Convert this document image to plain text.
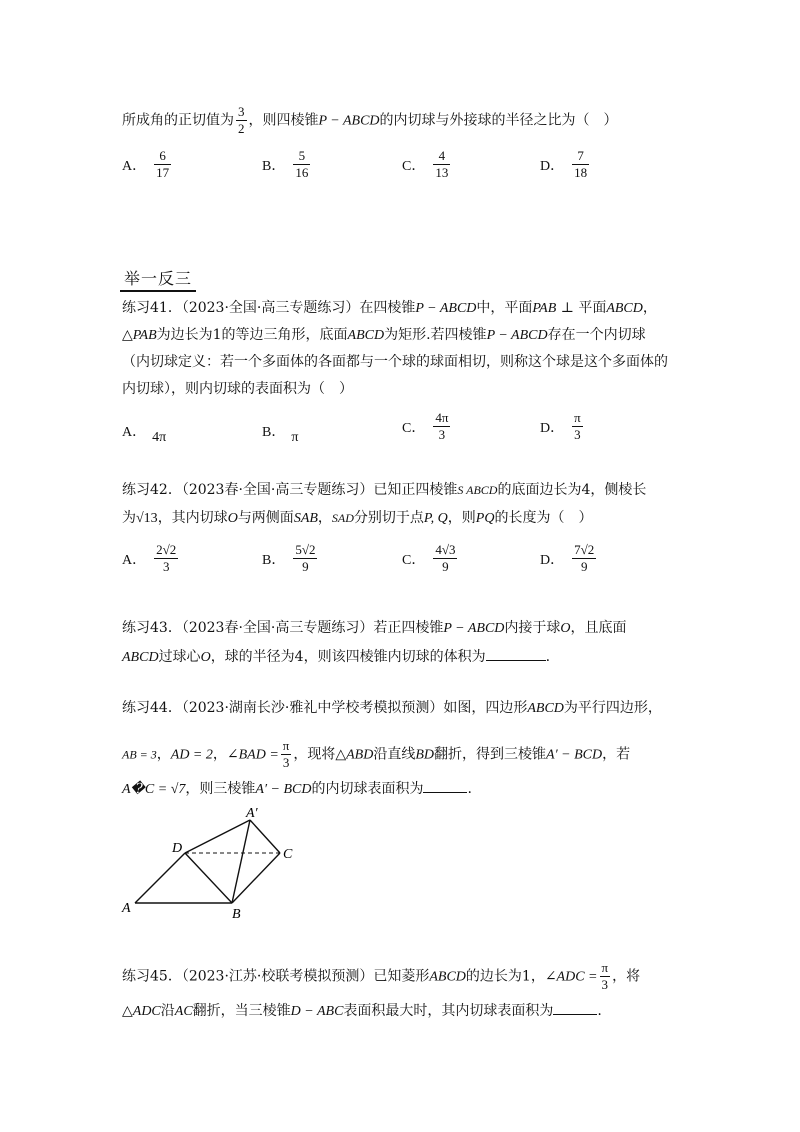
所成角的正切值为 $\frac{3}{2}$ ，则四棱锥P − ABCD的内切球与外接球的半径之比为（　）
A． $\frac{6}{17}$	B． $\frac{5}{16}$	C． $\frac{4}{13}$	D． $\frac{7}{18}$
举一反三
练习41．（2023·全国·高三专题练习）在四棱锥P − ABCD中，平面PAB ⊥ 平面ABCD，
△PAB为边长为1的等边三角形，底面ABCD为矩形.若四棱锥P − ABCD存在一个内切球
（内切球定义：若一个多面体的各面都与一个球的球面相切，则称这个球是这个多面体的
内切球），则内切球的表面积为（　）
A． 4π	B． π
C． $\frac{4\pi}{3}$	D． $\frac{\pi}{3}$
练习42．（2023春·全国·高三专题练习）已知正四棱锥S ABCD的底面边长为4，侧棱长
为√13，其内切球O与两侧面SAB，SAD分别切于点P, Q，则PQ的长度为（　）
A． $\frac{2√2}{3}$	B． $\frac{5√2}{9}$	C． $\frac{4√3}{9}$	D． $\frac{7√2}{9}$
练习43．（2023春·全国·高三专题练习）若正四棱锥P − ABCD内接于球O，且底面
ABCD过球心O，球的半径为4，则该四棱锥内切球的体积为	.
练习44．（2023·湖南长沙·雅礼中学校考模拟预测）如图，四边形ABCD为平行四边形，
AB = 3，AD = 2，∠BAD = $\frac{\pi}{3}$ ，现将△ABD沿直线BD翻折，得到三棱锥A′ − BCD，若
A�C = √7，则三棱锥A′ − BCD的内切球表面积为	.
A	B
C
D
A′
练习45．（2023·江苏·校联考模拟预测）已知菱形ABCD的边长为1，∠ADC = $\frac{\pi}{3}$ ，将
△ADC沿AC翻折，当三棱锥D − ABC表面积最大时，其内切球表面积为	.
